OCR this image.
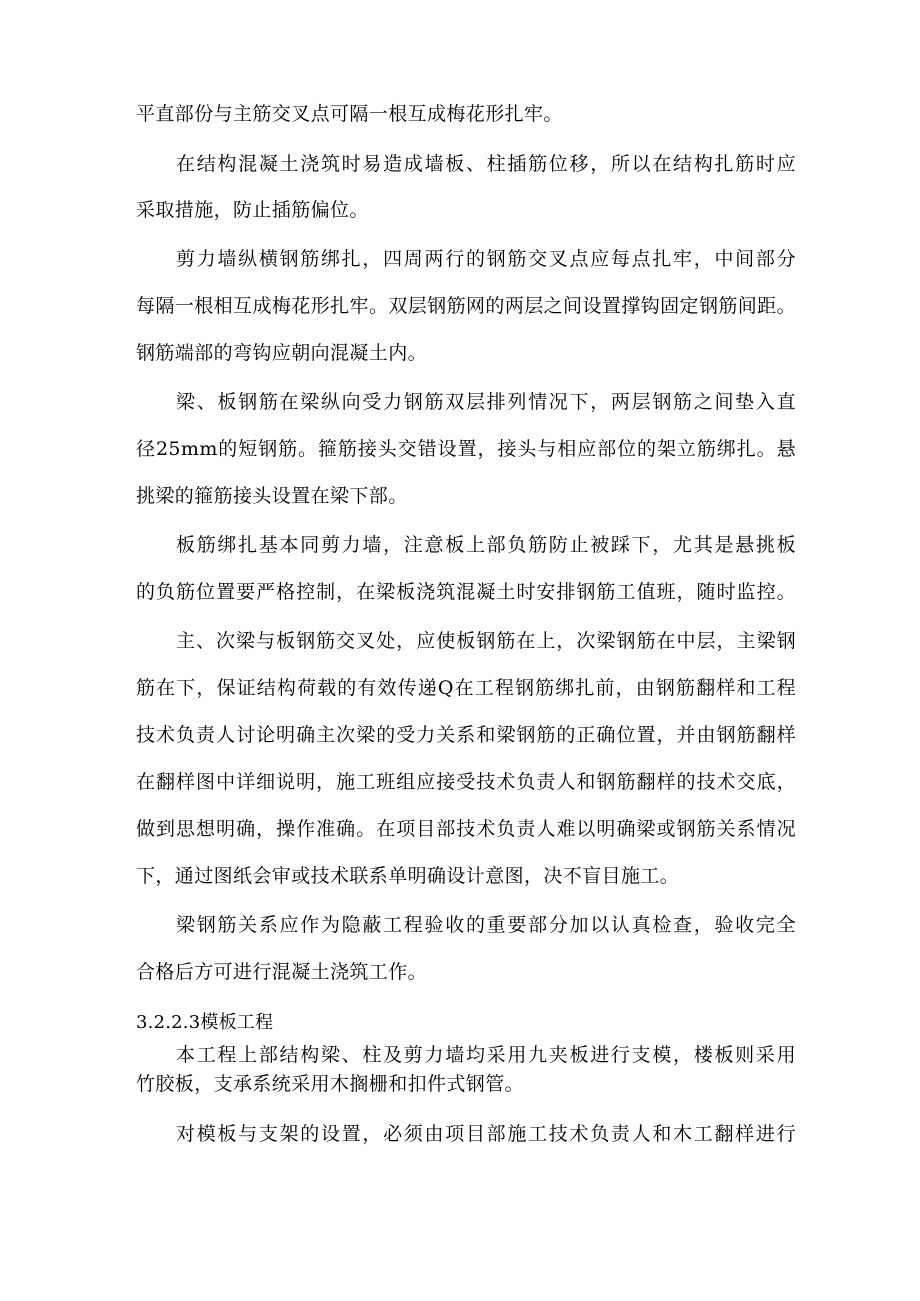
平直部份与主筋交叉点可隔一根互成梅花形扎牢。
在结构混凝土浇筑时易造成墙板、柱插筋位移，所以在结构扎筋时应
采取措施，防止插筋偏位。
剪力墙纵横钢筋绑扎，四周两行的钢筋交叉点应每点扎牢，中间部分
每隔一根相互成梅花形扎牢。双层钢筋网的两层之间设置撑钩固定钢筋间距。
钢筋端部的弯钩应朝向混凝土内。
梁、板钢筋在梁纵向受力钢筋双层排列情况下，两层钢筋之间垫入直
径25mm的短钢筋。箍筋接头交错设置，接头与相应部位的架立筋绑扎。悬
挑梁的箍筋接头设置在梁下部。
板筋绑扎基本同剪力墙，注意板上部负筋防止被踩下，尤其是悬挑板
的负筋位置要严格控制，在梁板浇筑混凝土时安排钢筋工值班，随时监控。
主、次梁与板钢筋交叉处，应使板钢筋在上，次梁钢筋在中层，主梁钢
筋在下，保证结构荷载的有效传递Q在工程钢筋绑扎前，由钢筋翻样和工程
技术负责人讨论明确主次梁的受力关系和梁钢筋的正确位置，并由钢筋翻样
在翻样图中详细说明，施工班组应接受技术负责人和钢筋翻样的技术交底，
做到思想明确，操作准确。在项目部技术负责人难以明确梁或钢筋关系情况
下，通过图纸会审或技术联系单明确设计意图，决不盲目施工。
梁钢筋关系应作为隐蔽工程验收的重要部分加以认真检查，验收完全
合格后方可进行混凝土浇筑工作。
3.2.2.3模板工程
本工程上部结构梁、柱及剪力墙均采用九夹板进行支模，楼板则采用
竹胶板，支承系统采用木搁栅和扣件式钢管。
对模板与支架的设置，必须由项目部施工技术负责人和木工翻样进行
